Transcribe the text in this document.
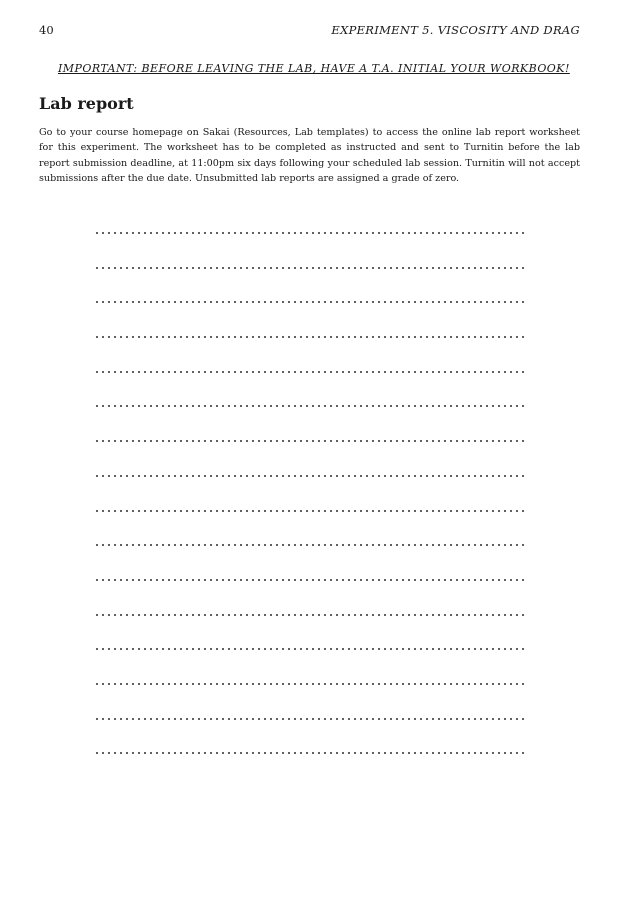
40	EXPERIMENT 5. VISCOSITY AND DRAG
IMPORTANT: BEFORE LEAVING THE LAB, HAVE A T.A. INITIAL YOUR WORKBOOK!
Lab report

Go to your course homepage on Sakai (Resources, Lab templates) to access the online lab report worksheet for this experiment. The worksheet has to be completed as instructed and sent to Turnitin before the lab report submission deadline, at 11:00pm six days following your scheduled lab session. Turnitin will not accept submissions after the due date. Unsubmitted lab reports are assigned a grade of zero.
